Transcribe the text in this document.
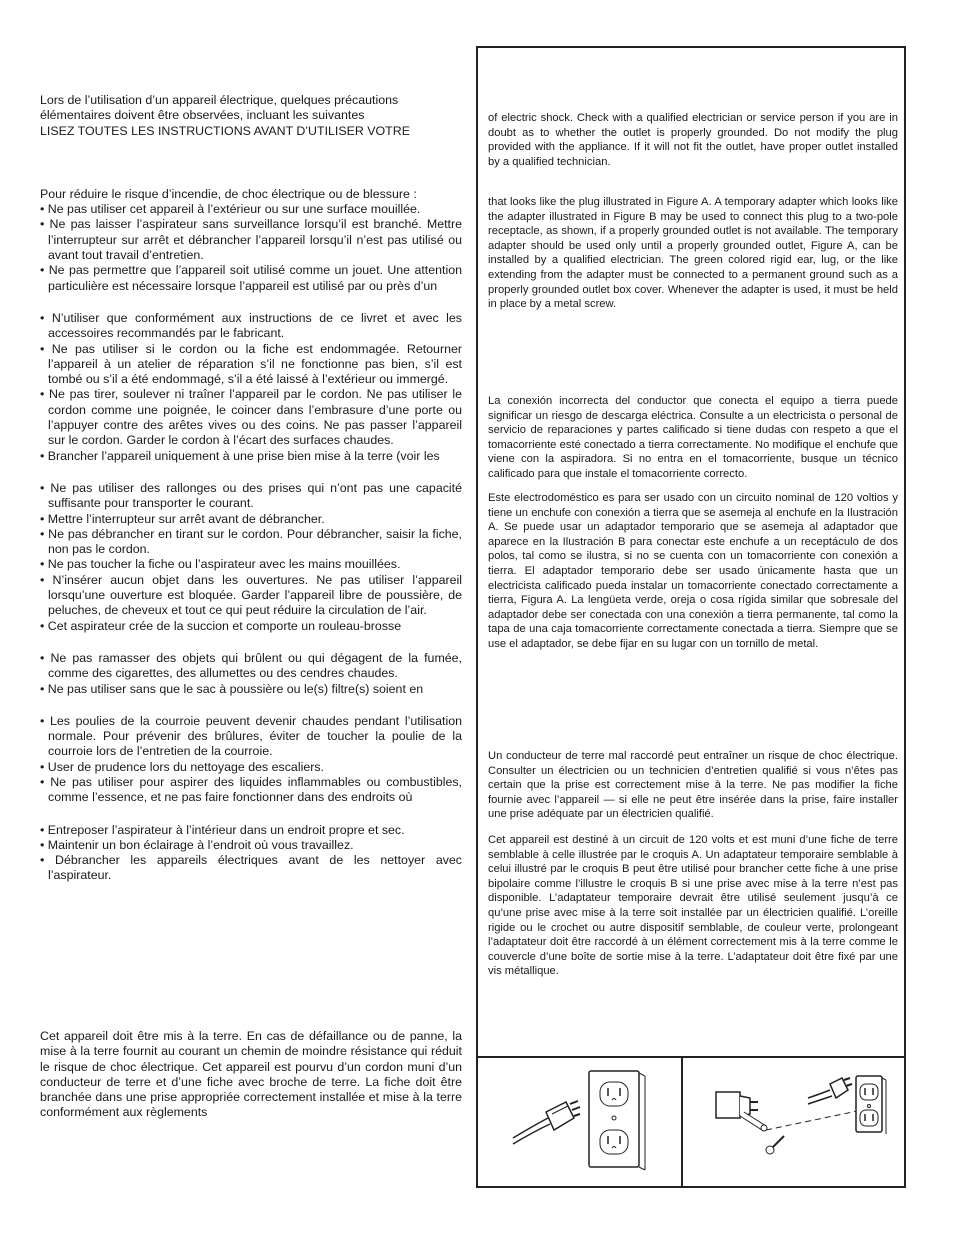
Lors de l’utilisation d’un appareil électrique, quelques précautions
élémentaires doivent être observées, incluant les suivantes
LISEZ TOUTES LES INSTRUCTIONS AVANT D’UTILISER VOTRE
Pour réduire le risque d’incendie, de choc électrique ou de blessure :
• Ne pas utiliser cet appareil à l’extérieur ou sur une surface mouillée.
• Ne pas laisser l’aspirateur sans surveillance lorsqu’il est branché. Mettre l’interrupteur sur arrêt et débrancher l’appareil lorsqu’il n’est pas utilisé ou avant tout travail d’entretien.
• Ne pas permettre que l’appareil soit utilisé comme un jouet. Une attention particulière est nécessaire lorsque l’appareil est utilisé par ou près d’un
• N’utiliser que conformément aux instructions de ce livret et avec les accessoires recommandés par le fabricant.
• Ne pas utiliser si le cordon ou la fiche est endommagée. Retourner l’appareil à un atelier de réparation s’il ne fonctionne pas bien, s’il est tombé ou s’il a été endommagé, s’il a été laissé à l’extérieur ou immergé.
• Ne pas tirer, soulever ni traîner l’appareil par le cordon. Ne pas utiliser le cordon comme une poignée, le coincer dans l’embrasure d’une porte ou l’appuyer contre des arêtes vives ou des coins. Ne pas passer l’appareil sur le cordon. Garder le cordon à l’écart des surfaces chaudes.
• Brancher l’appareil uniquement à une prise bien mise à la terre (voir les
• Ne pas utiliser des rallonges ou des prises qui n’ont pas une capacité suffisante pour transporter le courant.
• Mettre l’interrupteur sur arrêt avant de débrancher.
• Ne pas débrancher en tirant sur le cordon. Pour débrancher, saisir la fiche, non pas le cordon.
• Ne pas toucher la fiche ou l’aspirateur avec les mains mouillées.
• N’insérer aucun objet dans les ouvertures. Ne pas utiliser l’appareil lorsqu’une ouverture est bloquée. Garder l’appareil libre de poussière, de peluches, de cheveux et tout ce qui peut réduire la circulation de l’air.
• Cet aspirateur crée de la succion et comporte un rouleau-brosse
• Ne pas ramasser des objets qui brûlent ou qui dégagent de la fumée, comme des cigarettes, des allumettes ou des cendres chaudes.
• Ne pas utiliser sans que le sac à poussière ou le(s) filtre(s) soient en
• Les poulies de la courroie peuvent devenir chaudes pendant l’utilisation normale. Pour prévenir des brûlures, éviter de toucher la poulie de la courroie lors de l’entretien de la courroie.
• User de prudence lors du nettoyage des escaliers.
• Ne pas utiliser pour aspirer des liquides inflammables ou combustibles, comme l’essence, et ne pas faire fonctionner dans des endroits où
• Entreposer l’aspirateur à l’intérieur dans un endroit propre et sec.
• Maintenir un bon éclairage à l’endroit où vous travaillez.
• Débrancher les appareils électriques avant de les nettoyer avec l’aspirateur.
Cet appareil doit être mis à la terre. En cas de défaillance ou de panne, la mise à la terre fournit au courant un chemin de moindre résistance qui réduit le risque de choc électrique. Cet appareil est pourvu d’un cordon muni d’un conducteur de terre et d’une fiche avec broche de terre. La fiche doit être branchée dans une prise appropriée correctement installée et mise à la terre conformément aux règlements
of electric shock. Check with a qualified electrician or service person if you are in doubt as to whether the outlet is properly grounded. Do not modify the plug provided with the appliance. If it will not fit the outlet, have proper outlet installed by a qualified technician.
that looks like the plug illustrated in Figure A. A temporary adapter which looks like the adapter illustrated in Figure B may be used to connect this plug to a two-pole receptacle, as shown, if a properly grounded outlet is not available. The temporary adapter should be used only until a properly grounded outlet, Figure A, can be installed by a qualified electrician. The green colored rigid ear, lug, or the like extending from the adapter must be connected to a permanent ground such as a properly grounded outlet box cover. Whenever the adapter is used, it must be held in place by a metal screw.
La conexión incorrecta del conductor que conecta el equipo a tierra puede significar un riesgo de descarga eléctrica. Consulte a un electricista o personal de servicio de reparaciones y partes calificado si tiene dudas con respeto a que el tomacorriente esté conectado a tierra correctamente. No modifique el enchufe que viene con la aspiradora. Si no entra en el tomacorriente, busque un técnico calificado para que instale el tomacorriente correcto.
Este electrodoméstico es para ser usado con un circuito nominal de 120 voltios y tiene un enchufe con conexión a tierra que se asemeja al enchufe en la Ilustración A. Se puede usar un adaptador temporario que se asemeja al adaptador que aparece en la Ilustración B para conectar este enchufe a un receptáculo de dos polos, tal como se ilustra, si no se cuenta con un tomacorriente con conexión a tierra. El adaptador temporario debe ser usado únicamente hasta que un electricista calificado pueda instalar un tomacorriente conectado correctamente a tierra, Figura A. La lengüeta verde, oreja o cosa rígida similar que sobresale del adaptador debe ser conectada con una conexión a tierra permanente, tal como la tapa de una caja tomacorriente correctamente conectada a tierra. Siempre que se use el adaptador, se debe fijar en su lugar con un tornillo de metal.
Un conducteur de terre mal raccordé peut entraîner un risque de choc électrique. Consulter un électricien ou un technicien d’entretien qualifié si vous n’êtes pas certain que la prise est correctement mise à la terre. Ne pas modifier la fiche fournie avec l’appareil — si elle ne peut être insérée dans la prise, faire installer une prise adéquate par un électricien qualifié.
Cet appareil est destiné à un circuit de 120 volts et est muni d’une fiche de terre semblable à celle illustrée par le croquis A. Un adaptateur temporaire semblable à celui illustré par le croquis B peut être utilisé pour brancher cette fiche à une prise bipolaire comme l’illustre le croquis B si une prise avec mise à la terre n’est pas disponible. L’adaptateur temporaire devrait être utilisé seulement jusqu’à ce qu’une prise avec mise à la terre soit installée par un électricien qualifié. L’oreille rigide ou le crochet ou autre dispositif semblable, de couleur verte, prolongeant l’adaptateur doit être raccordé à un élément correctement mis à la terre comme le couvercle d’une boîte de sortie mise à la terre. L’adaptateur doit être fixé par une vis métallique.
